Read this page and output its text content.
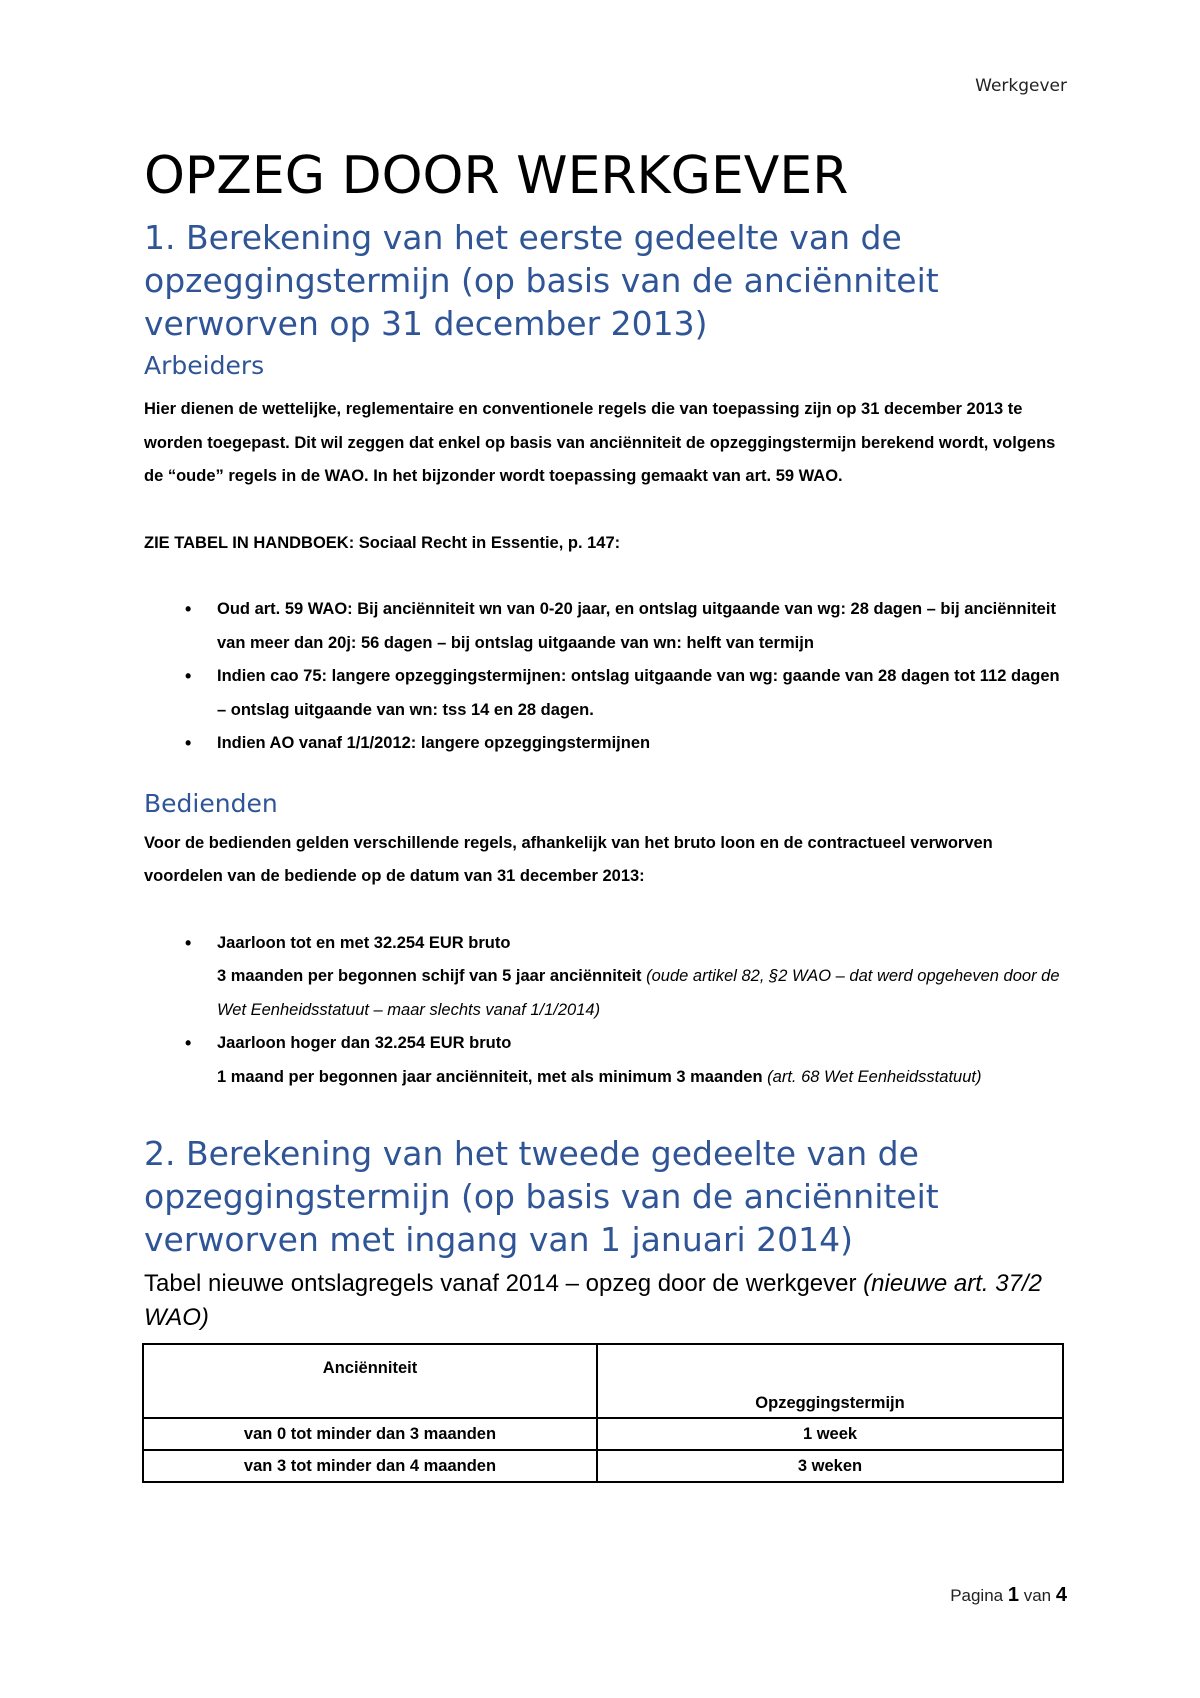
Werkgever
OPZEG DOOR WERKGEVER
1. Berekening van het eerste gedeelte van de opzeggingstermijn (op basis van de anciënniteit verworven op 31 december 2013)
Arbeiders

Hier dienen de wettelijke, reglementaire en conventionele regels die van toepassing zijn op 31 december 2013 te worden toegepast. Dit wil zeggen dat enkel op basis van anciënniteit de opzeggingstermijn berekend wordt, volgens de “oude” regels in de WAO. In het bijzonder wordt toepassing gemaakt van art. 59 WAO.

ZIE TABEL IN HANDBOEK: Sociaal Recht in Essentie, p. 147:

• Oud art. 59 WAO: Bij anciënniteit wn van 0-20 jaar, en ontslag uitgaande van wg: 28 dagen – bij anciënniteit van meer dan 20j: 56 dagen – bij ontslag uitgaande van wn: helft van termijn
• Indien cao 75: langere opzeggingstermijnen: ontslag uitgaande van wg: gaande van 28 dagen tot 112 dagen – ontslag uitgaande van wn: tss 14 en 28 dagen.
• Indien AO vanaf 1/1/2012: langere opzeggingstermijnen
Bedienden

Voor de bedienden gelden verschillende regels, afhankelijk van het bruto loon en de contractueel verworven voordelen van de bediende op de datum van 31 december 2013:

• Jaarloon tot en met 32.254 EUR bruto
3 maanden per begonnen schijf van 5 jaar anciënniteit (oude artikel 82, §2 WAO – dat werd opgeheven door de Wet Eenheidsstatuut – maar slechts vanaf 1/1/2014)
• Jaarloon hoger dan 32.254 EUR bruto
1 maand per begonnen jaar anciënniteit, met als minimum 3 maanden (art. 68 Wet Eenheidsstatuut)
2. Berekening van het tweede gedeelte van de opzeggingstermijn (op basis van de anciënniteit verworven met ingang van 1 januari 2014)

Tabel nieuwe ontslagregels vanaf 2014 – opzeg door de werkgever (nieuwe art. 37/2 WAO)

Anciënniteit	Opzeggingstermijn
van 0 tot minder dan 3 maanden	1 week
van 3 tot minder dan 4 maanden	3 weken
Pagina 1 van 4
